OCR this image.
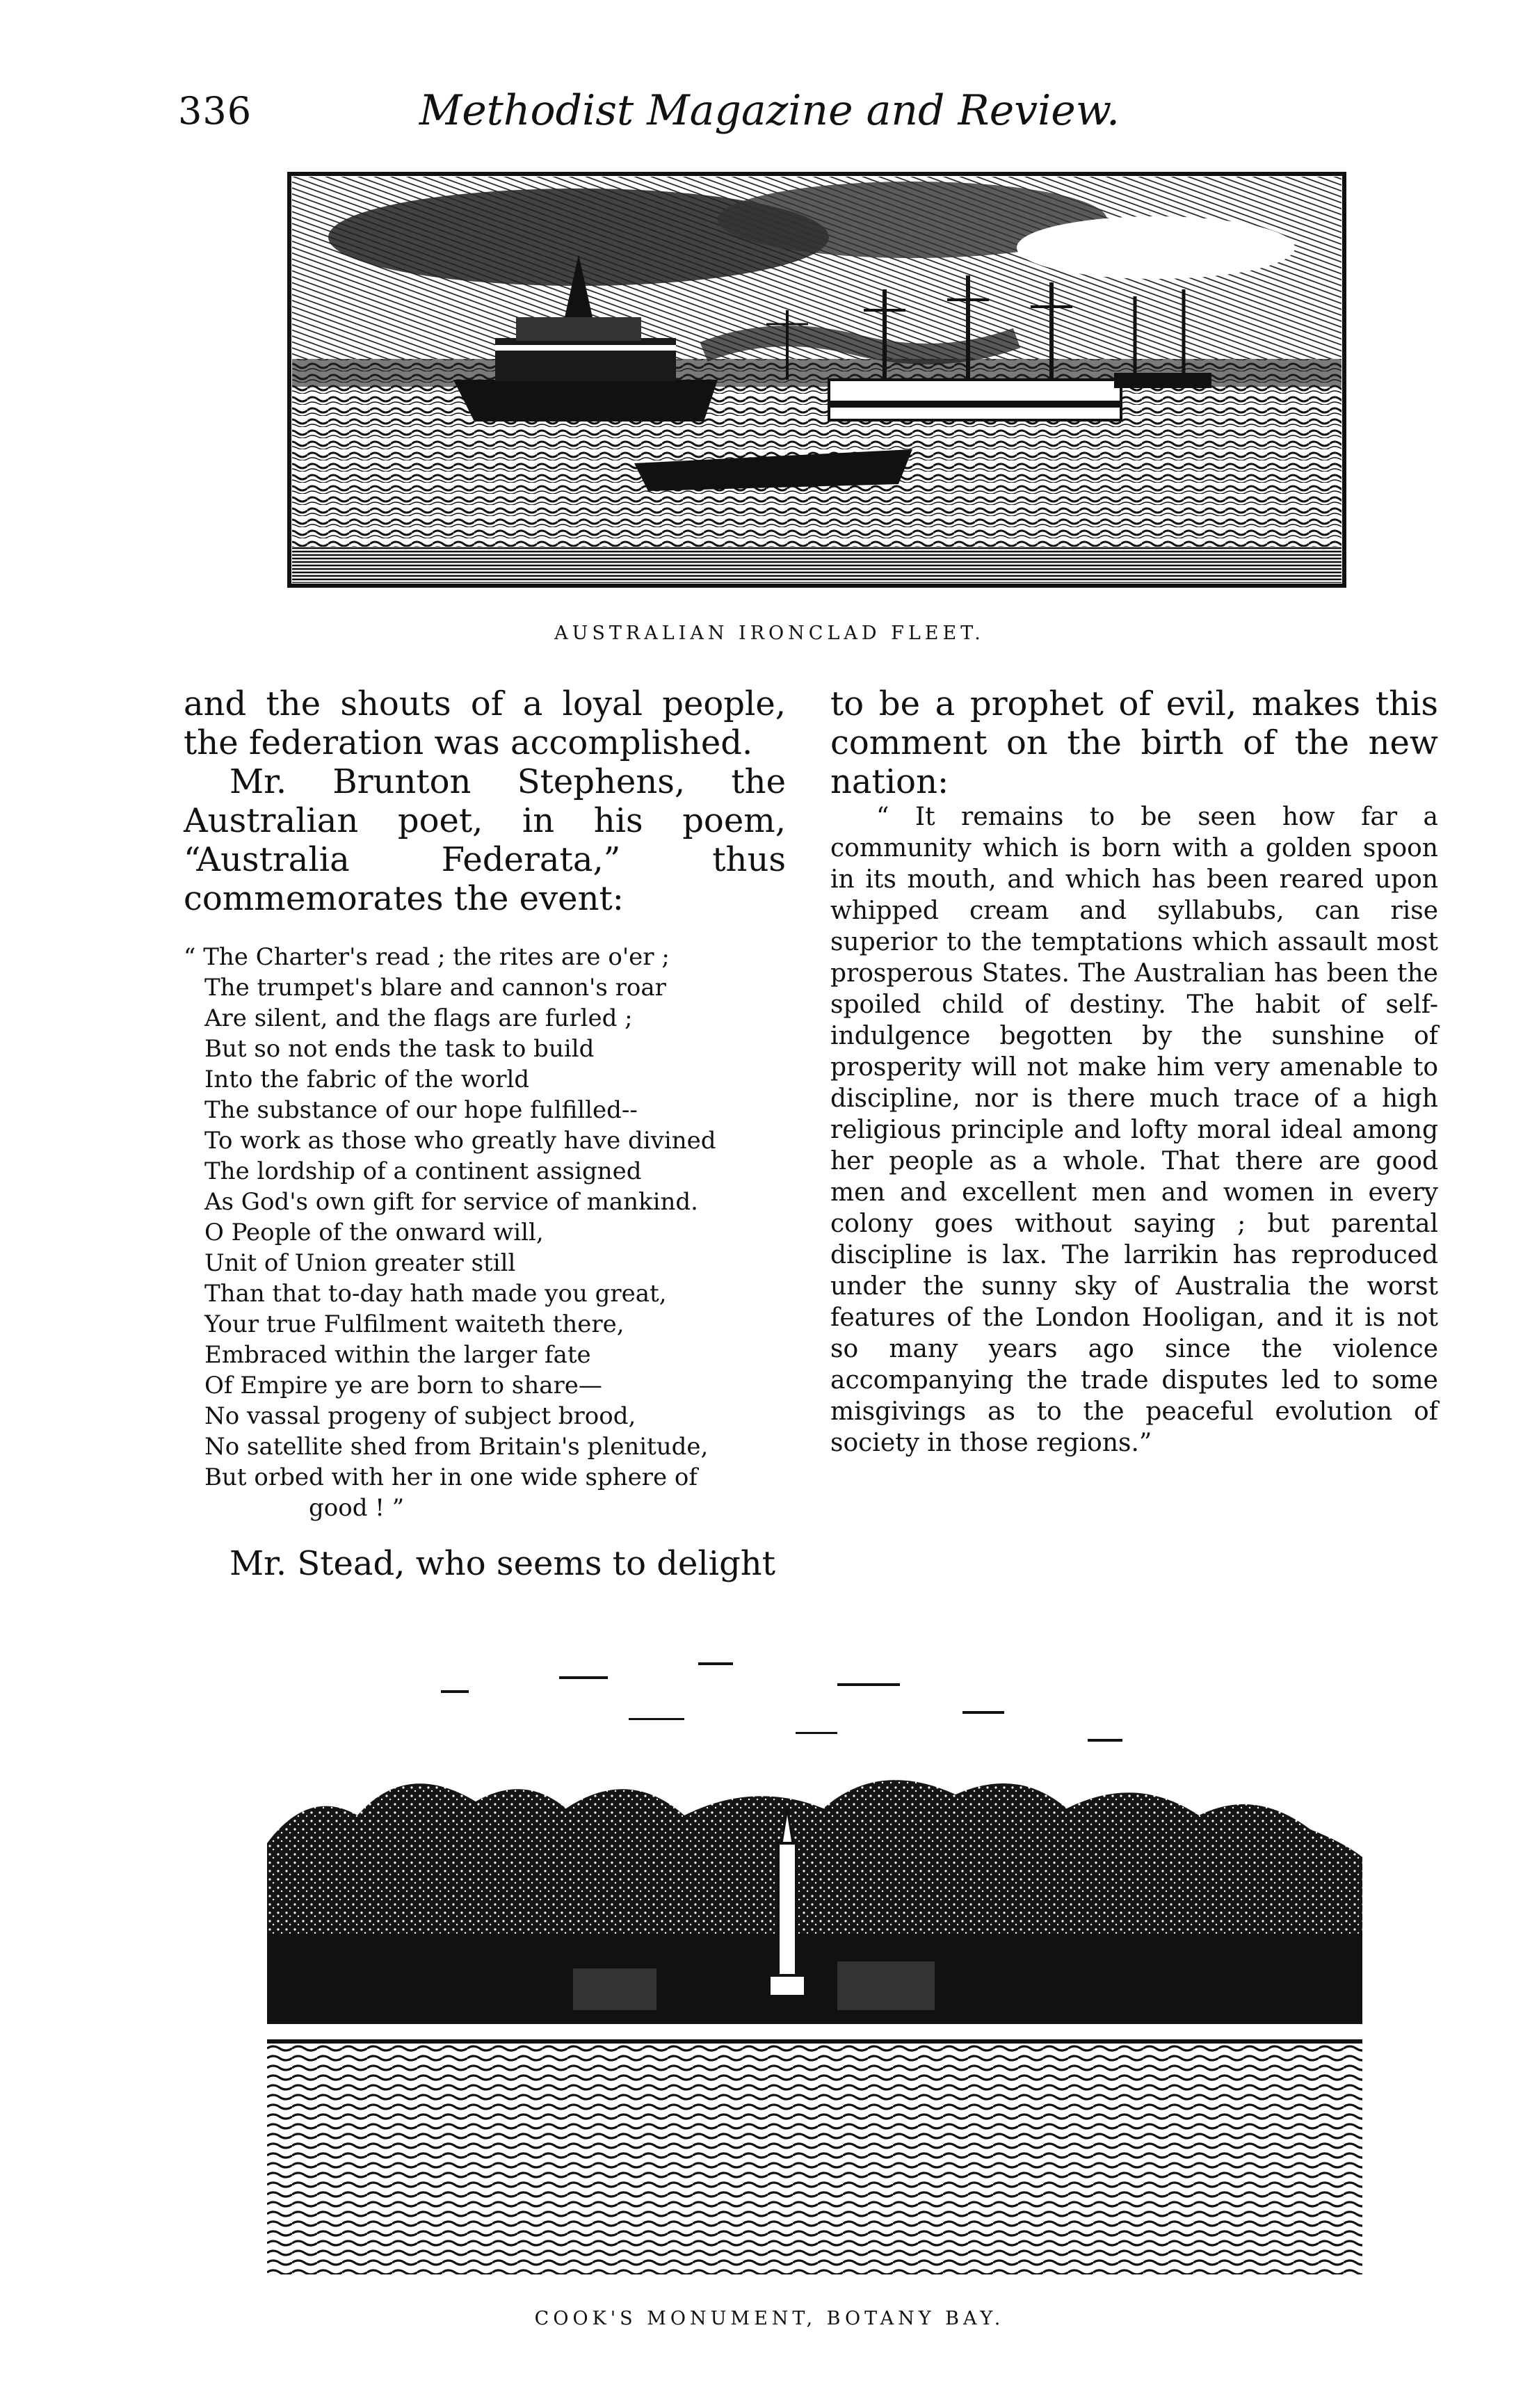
336	Methodist Magazine and Review.
AUSTRALIAN IRONCLAD FLEET.

and the shouts of a loyal people, the federation was accomplished.

Mr. Brunton Stephens, the Australian poet, in his poem, “Australia Federata,” thus commemorates the event:

“ The Charter's read ; the rites are o'er ;
The trumpet's blare and cannon's roar
Are silent, and the flags are furled ;
But so not ends the task to build
Into the fabric of the world
The substance of our hope fulfilled--
To work as those who greatly have divined
The lordship of a continent assigned
As God's own gift for service of mankind.
O People of the onward will,
Unit of Union greater still
Than that to-day hath made you great,
Your true Fulfilment waiteth there,
Embraced within the larger fate
Of Empire ye are born to share—
No vassal progeny of subject brood,
No satellite shed from Britain's plenitude,
But orbed with her in one wide sphere of
good ! ”

Mr. Stead, who seems to delight

to be a prophet of evil, makes this comment on the birth of the new nation:

“ It remains to be seen how far a community which is born with a golden spoon in its mouth, and which has been reared upon whipped cream and syllabubs, can rise superior to the temptations which assault most prosperous States. The Australian has been the spoiled child of destiny. The habit of self-indulgence begotten by the sunshine of prosperity will not make him very amenable to discipline, nor is there much trace of a high religious principle and lofty moral ideal among her people as a whole. That there are good men and excellent men and women in every colony goes without saying ; but parental discipline is lax. The larrikin has reproduced under the sunny sky of Australia the worst features of the London Hooligan, and it is not so many years ago since the violence accompanying the trade disputes led to some misgivings as to the peaceful evolution of society in those regions.”

COOK'S MONUMENT, BOTANY BAY.
